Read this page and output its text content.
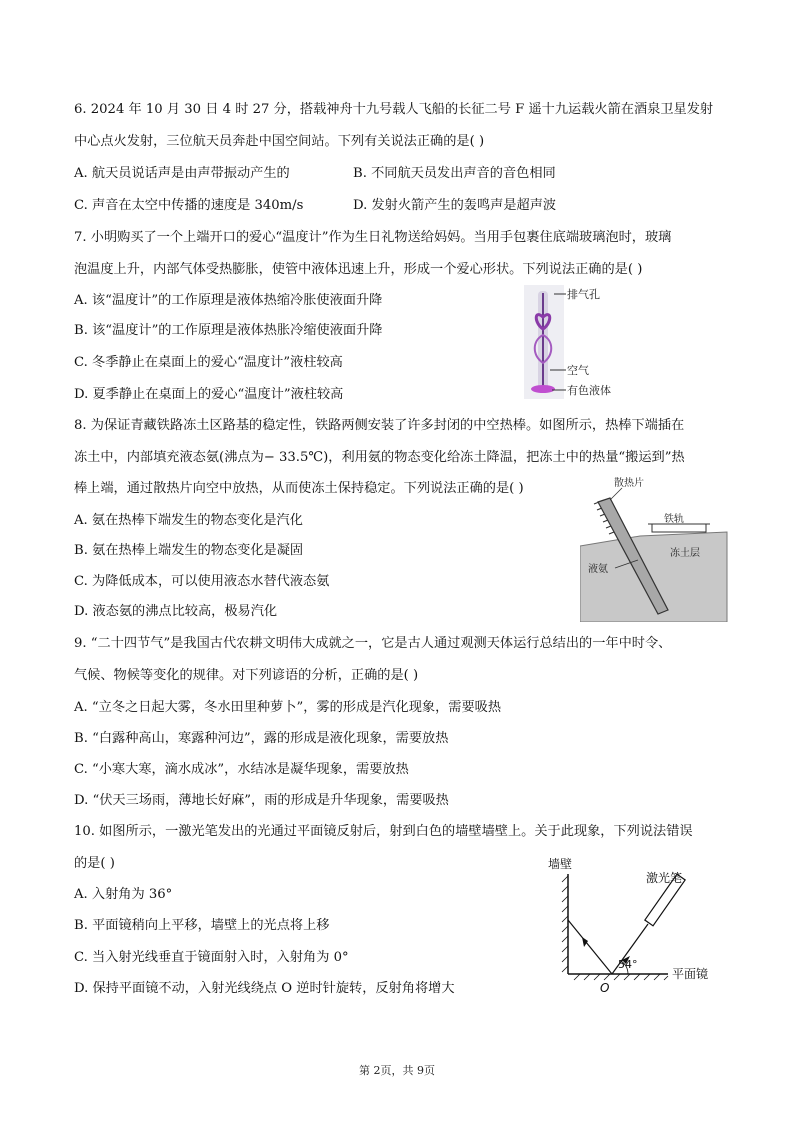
6. 2024 年 10 月 30 日 4 时 27 分，搭载神舟十九号载人飞船的长征二号 F 遥十九运载火箭在酒泉卫星发射
中心点火发射，三位航天员奔赴中国空间站。下列有关说法正确的是( )
A. 航天员说话声是由声带振动产生的	B. 不同航天员发出声音的音色相同
C. 声音在太空中传播的速度是 340m/s	D. 发射火箭产生的轰鸣声是超声波
7. 小明购买了一个上端开口的爱心“温度计”作为生日礼物送给妈妈。当用手包裹住底端玻璃泡时，玻璃
泡温度上升，内部气体受热膨胀，使管中液体迅速上升，形成一个爱心形状。下列说法正确的是( )
A. 该“温度计”的工作原理是液体热缩冷胀使液面升降
B. 该“温度计”的工作原理是液体热胀冷缩使液面升降
C. 冬季静止在桌面上的爱心“温度计”液柱较高
D. 夏季静止在桌面上的爱心“温度计”液柱较高
排气孔
空气
有色液体
8. 为保证青藏铁路冻土区路基的稳定性，铁路两侧安装了许多封闭的中空热棒。如图所示，热棒下端插在
冻土中，内部填充液态氨(沸点为− 33.5℃)，利用氨的物态变化给冻土降温，把冻土中的热量“搬运到”热
棒上端，通过散热片向空中放热，从而使冻土保持稳定。下列说法正确的是( )
A. 氨在热棒下端发生的物态变化是汽化
B. 氨在热棒上端发生的物态变化是凝固
C. 为降低成本，可以使用液态水替代液态氨
D. 液态氨的沸点比较高，极易汽化
散热片
铁轨
冻土层
液氨
9. “二十四节气”是我国古代农耕文明伟大成就之一，它是古人通过观测天体运行总结出的一年中时令、
气候、物候等变化的规律。对下列谚语的分析，正确的是( )
A. “立冬之日起大雾，冬水田里种萝卜”，雾的形成是汽化现象，需要吸热
B. “白露种高山，寒露种河边”，露的形成是液化现象，需要放热
C. “小寒大寒，滴水成冰”，水结冰是凝华现象，需要放热
D. “伏天三场雨，薄地长好麻”，雨的形成是升华现象，需要吸热
10. 如图所示，一激光笔发出的光通过平面镜反射后，射到白色的墙壁墙壁上。关于此现象，下列说法错误
的是( )
A. 入射角为 36°
B. 平面镜稍向上平移，墙壁上的光点将上移
C. 当入射光线垂直于镜面射入时，入射角为 0°
D. 保持平面镜不动，入射光线绕点 O 逆时针旋转，反射角将增大
墙壁
激光笔
54°
平面镜
O
第 2页，共 9页
